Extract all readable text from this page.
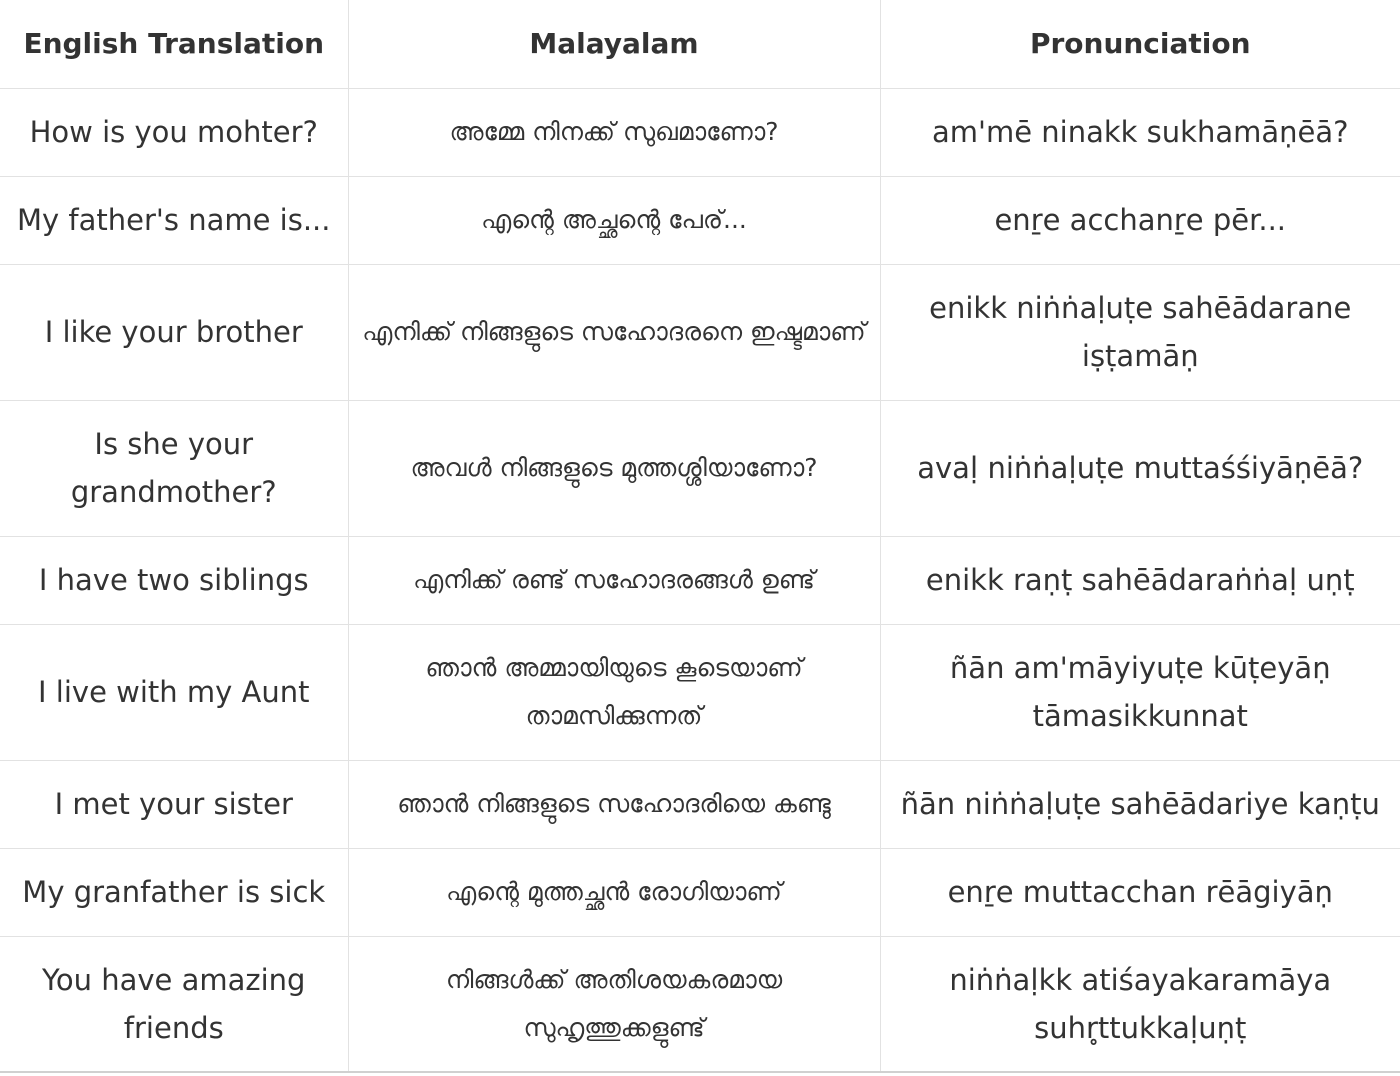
English Translation	Malayalam	Pronunciation
How is you mohter?	അമ്മേ നിനക്ക് സുഖമാണോ?	am'mē ninakk sukhamāṇēā?
My father's name is...	എന്റെ അച്ഛന്റെ പേര്...	enṟe acchanṟe pēr...
I like your brother	എനിക്ക് നിങ്ങളുടെ സഹോദരനെ ഇഷ്ടമാണ്	enikk niṅṅaḷuṭe sahēādarane iṣṭamāṇ
Is she your grandmother?	അവൾ നിങ്ങളുടെ മുത്തശ്ശിയാണോ?	avaḷ niṅṅaḷuṭe muttaśśiyāṇēā?
I have two siblings	എനിക്ക് രണ്ട് സഹോദരങ്ങൾ ഉണ്ട്	enikk raṇṭ sahēādaraṅṅaḷ uṇṭ
I live with my Aunt	ഞാൻ അമ്മായിയുടെ കൂടെയാണ് താമസിക്കുന്നത്	ñān am'māyiyuṭe kūṭeyāṇ tāmasikkunnat
I met your sister	ഞാൻ നിങ്ങളുടെ സഹോദരിയെ കണ്ടു	ñān niṅṅaḷuṭe sahēādariye kaṇṭu
My granfather is sick	എന്റെ മുത്തച്ഛൻ രോഗിയാണ്	enṟe muttacchan rēāgiyāṇ
You have amazing friends	നിങ്ങൾക്ക് അതിശയകരമായ സുഹൃത്തുക്കളുണ്ട്	niṅṅaḷkk atiśayakaramāya suhr̥ttukkaḷuṇṭ
